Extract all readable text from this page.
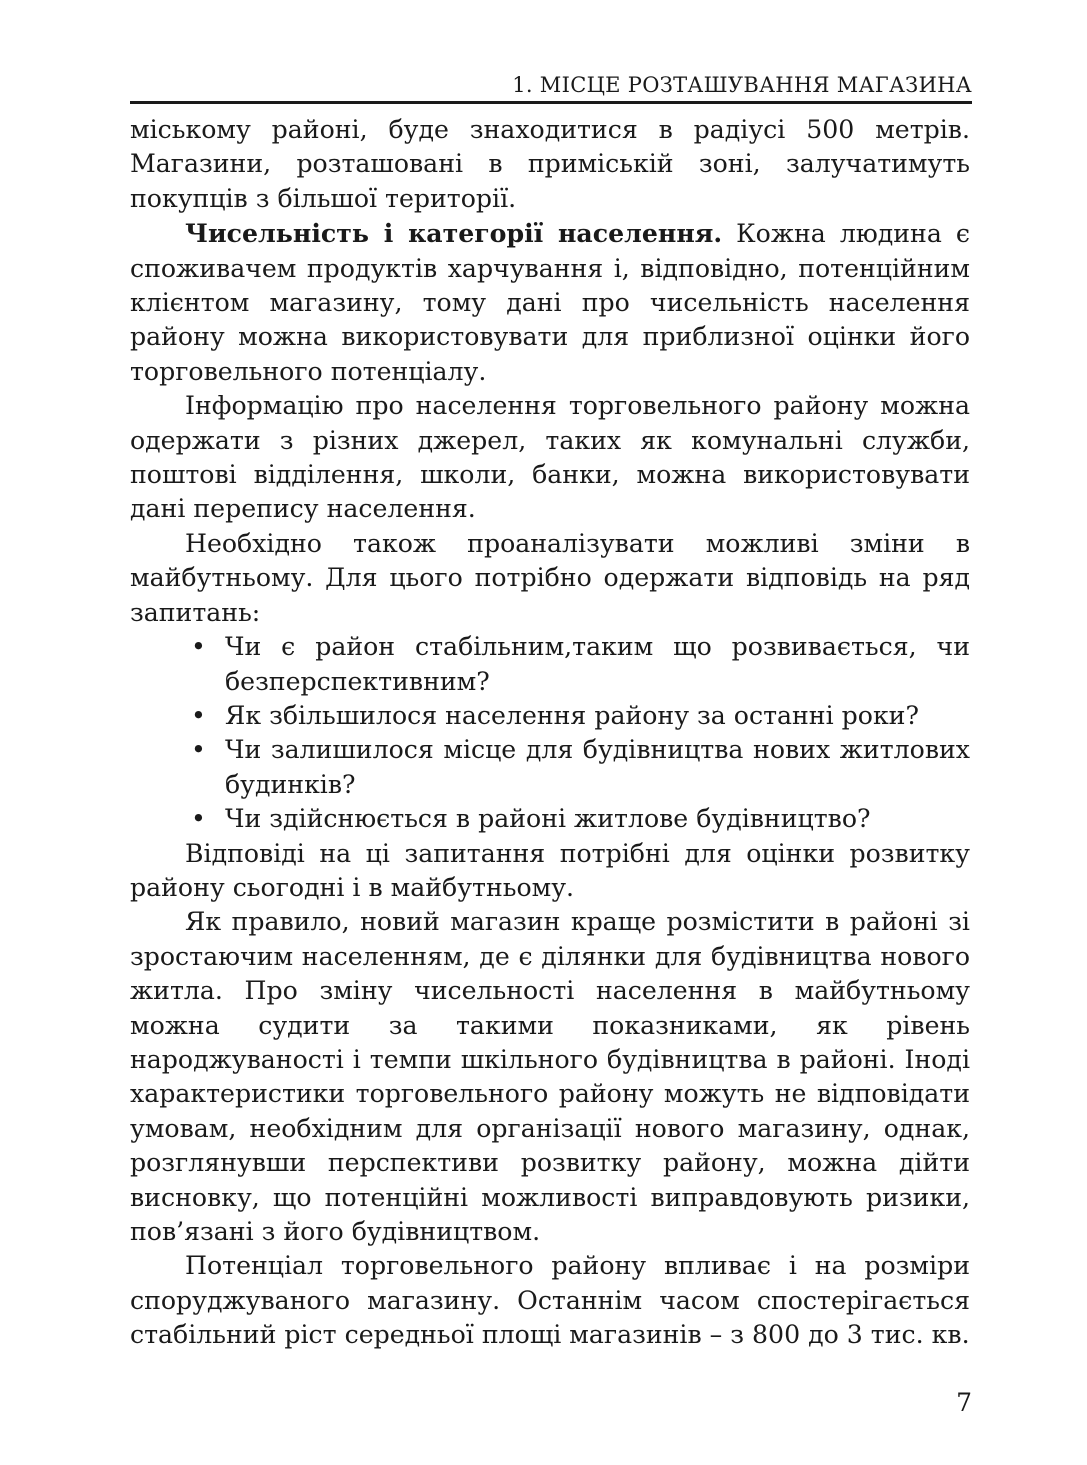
1. МІСЦЕ РОЗТАШУВАННЯ МАГАЗИНА

міському районі, буде знаходитися в радіусі 500 метрів. Магазини, розташовані в приміській зоні, залучатимуть покупців з більшої території.

Чисельність і категорії населення. Кожна людина є споживачем продуктів харчування і, відповідно, потенційним клієнтом магазину, тому дані про чисельність населення району можна використовувати для приблизної оцінки його торговельного потенціалу.

Інформацію про населення торговельного району можна одержати з різних джерел, таких як комунальні служби, поштові відділення, школи, банки, можна використовувати дані перепису населення.

Необхідно також проаналізувати можливі зміни в майбутньому. Для цього потрібно одержати відповідь на ряд запитань:

• Чи є район стабільним,таким що розвивається, чи безперспективним?
• Як збільшилося населення району за останні роки?
• Чи залишилося місце для будівництва нових житлових будинків?
• Чи здійснюється в районі житлове будівництво?

Відповіді на ці запитання потрібні для оцінки розвитку району сьогодні і в майбутньому.

Як правило, новий магазин краще розмістити в районі зі зростаючим населенням, де є ділянки для будівництва нового житла. Про зміну чисельності населення в майбутньому можна судити за такими показниками, як рівень народжуваності і темпи шкільного будівництва в районі. Іноді характеристики торговельного району можуть не відповідати умовам, необхідним для організації нового магазину, однак, розглянувши перспективи розвитку району, можна дійти висновку, що потенційні можливості виправдовують ризики, пов’язані з його будівництвом.

Потенціал торговельного району впливає і на розміри споруджуваного магазину. Останнім часом спостерігається стабільний ріст середньої площі магазинів – з 800 до 3 тис. кв.

7
